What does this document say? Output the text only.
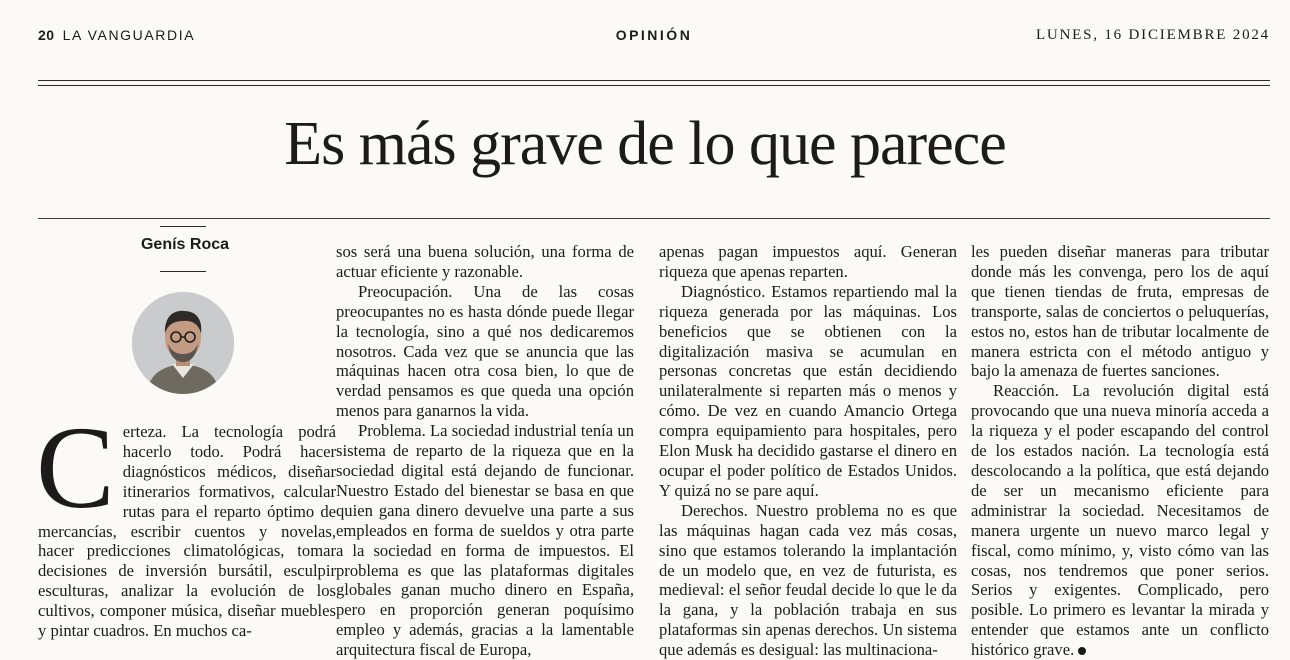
20 LA VANGUARDIA	OPINIÓN	LUNES, 16 DICIEMBRE 2024
Es más grave de lo que parece
Genís Roca
C erteza. La tecnología podrá hacerlo todo. Podrá hacer diagnósticos médicos, diseñar itinerarios formativos, calcular rutas para el reparto óptimo de mercancías, escribir cuentos y novelas, hacer predicciones climatológicas, tomar decisiones de inversión bursátil, esculpir esculturas, analizar la evolución de los cultivos, componer música, diseñar muebles y pintar cuadros. En muchos ca-

sos será una buena solución, una forma de actuar eficiente y razonable.

Preocupación. Una de las cosas preocupantes no es hasta dónde puede llegar la tecnología, sino a qué nos dedicaremos nosotros. Cada vez que se anuncia que las máquinas hacen otra cosa bien, lo que de verdad pensamos es que queda una opción menos para ganarnos la vida.

Problema. La sociedad industrial tenía un sistema de reparto de la riqueza que en la sociedad digital está dejando de funcionar. Nuestro Estado del bienestar se basa en que quien gana dinero devuelve una parte a sus empleados en forma de sueldos y otra parte a la sociedad en forma de impuestos. El problema es que las plataformas digitales globales ganan mucho dinero en España, pero en proporción generan poquísimo empleo y además, gracias a la lamentable arquitectura fiscal de Europa,

apenas pagan impuestos aquí. Generan riqueza que apenas reparten.

Diagnóstico. Estamos repartiendo mal la riqueza generada por las máquinas. Los beneficios que se obtienen con la digitalización masiva se acumulan en personas concretas que están decidiendo unilateralmente si reparten más o menos y cómo. De vez en cuando Amancio Ortega compra equipamiento para hospitales, pero Elon Musk ha decidido gastarse el dinero en ocupar el poder político de Estados Unidos. Y quizá no se pare aquí.

Derechos. Nuestro problema no es que las máquinas hagan cada vez más cosas, sino que estamos tolerando la implantación de un modelo que, en vez de futurista, es medieval: el señor feudal decide lo que le da la gana, y la población trabaja en sus plataformas sin apenas derechos. Un sistema que además es desigual: las multinaciona-

les pueden diseñar maneras para tributar donde más les convenga, pero los de aquí que tienen tiendas de fruta, empresas de transporte, salas de conciertos o peluquerías, estos no, estos han de tributar localmente de manera estricta con el método antiguo y bajo la amenaza de fuertes sanciones.

Reacción. La revolución digital está provocando que una nueva minoría acceda a la riqueza y el poder escapando del control de los estados nación. La tecnología está descolocando a la política, que está dejando de ser un mecanismo eficiente para administrar la sociedad. Necesitamos de manera urgente un nuevo marco legal y fiscal, como mínimo, y, visto cómo van las cosas, nos tendremos que poner serios. Serios y exigentes. Complicado, pero posible. Lo primero es levantar la mirada y entender que estamos ante un conflicto histórico grave.
